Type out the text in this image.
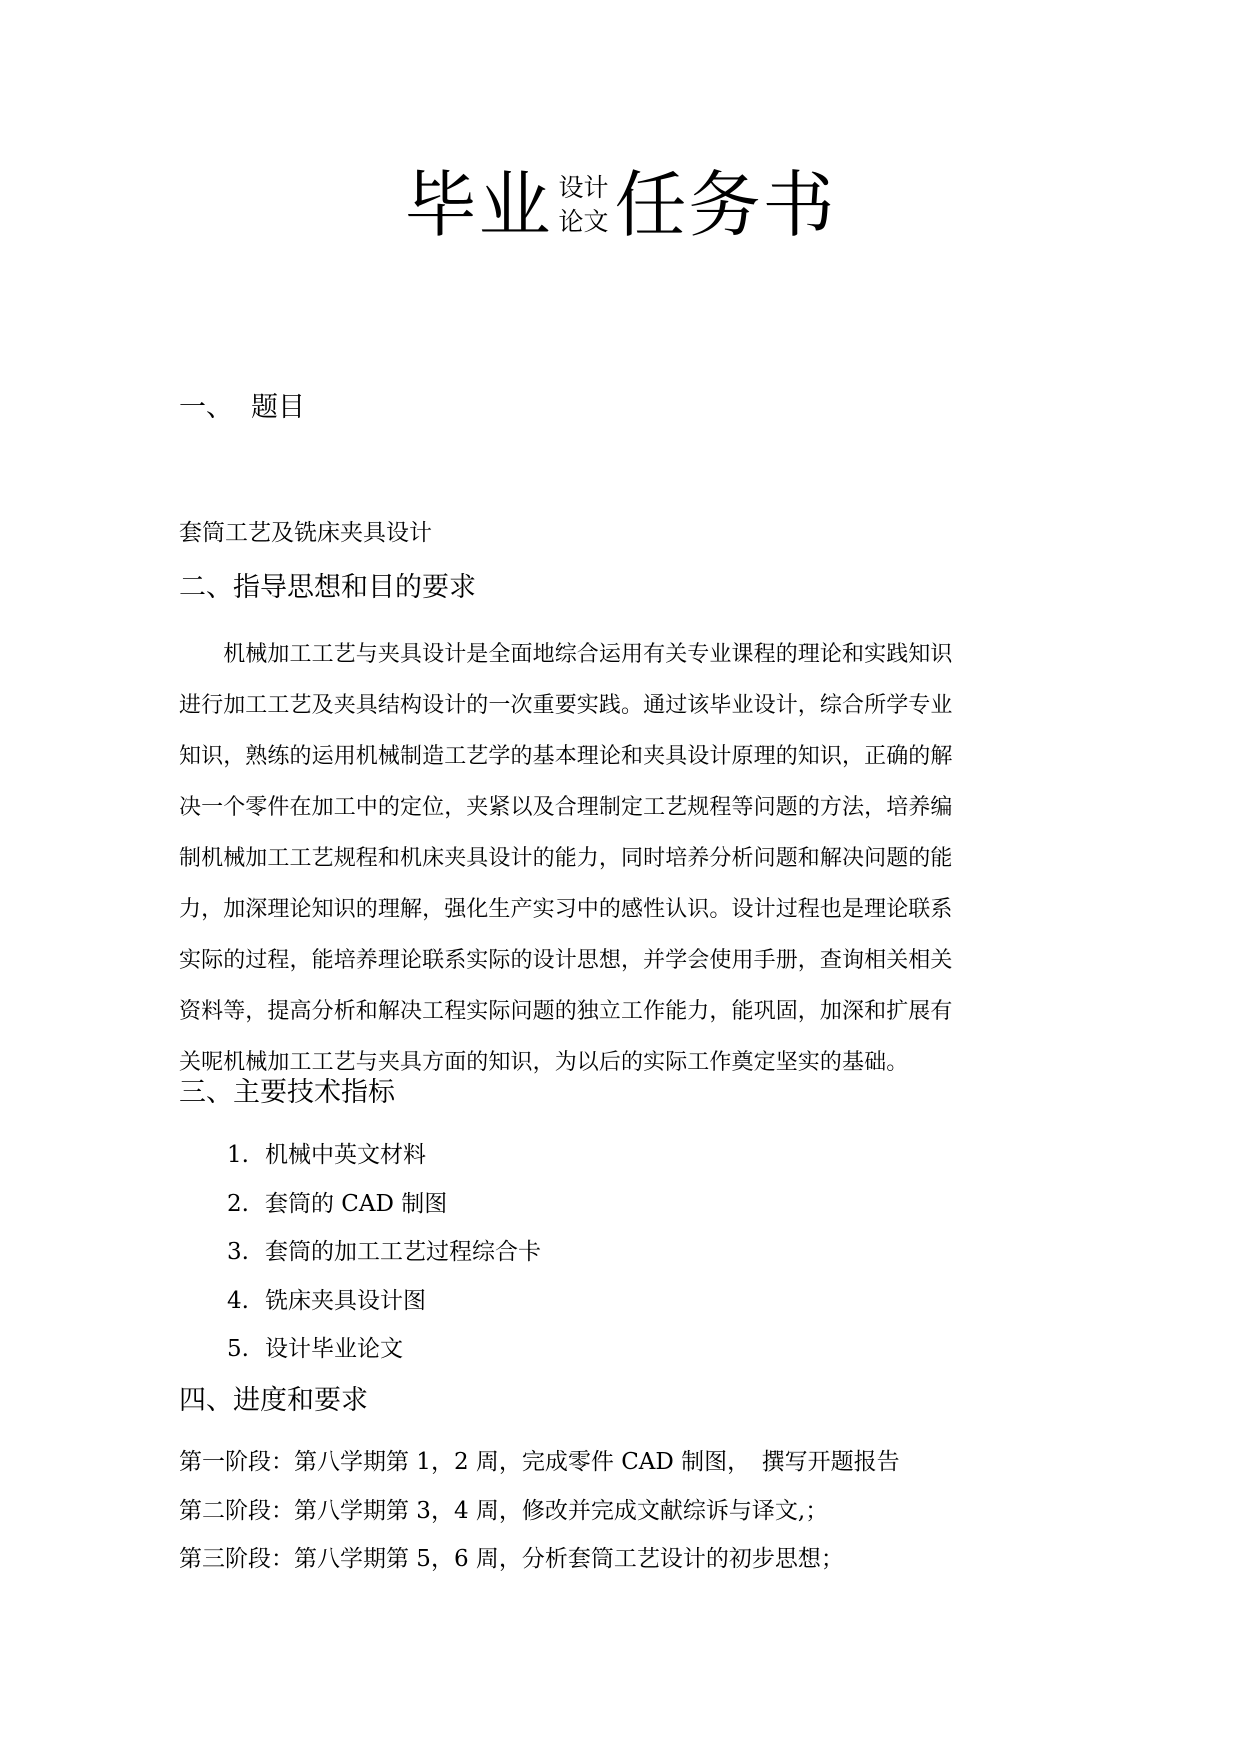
毕业 设计
论文 任务书
一、 题目
套筒工艺及铣床夹具设计
二、指导思想和目的要求
　　机械加工工艺与夹具设计是全面地综合运用有关专业课程的理论和实践知识
进行加工工艺及夹具结构设计的一次重要实践。通过该毕业设计，综合所学专业
知识，熟练的运用机械制造工艺学的基本理论和夹具设计原理的知识，正确的解
决一个零件在加工中的定位，夹紧以及合理制定工艺规程等问题的方法，培养编
制机械加工工艺规程和机床夹具设计的能力，同时培养分析问题和解决问题的能
力，加深理论知识的理解，强化生产实习中的感性认识。设计过程也是理论联系
实际的过程，能培养理论联系实际的设计思想，并学会使用手册，查询相关相关
资料等，提高分析和解决工程实际问题的独立工作能力，能巩固，加深和扩展有
关呢机械加工工艺与夹具方面的知识，为以后的实际工作奠定坚实的基础。
三、主要技术指标
1. 机械中英文材料
2. 套筒的 CAD 制图
3. 套筒的加工工艺过程综合卡
4. 铣床夹具设计图
5. 设计毕业论文
四、进度和要求
第一阶段：第八学期第 1，2 周，完成零件 CAD 制图，　撰写开题报告
第二阶段：第八学期第 3，4 周，修改并完成文献综诉与译文,；
第三阶段：第八学期第 5，6 周，分析套筒工艺设计的初步思想；
